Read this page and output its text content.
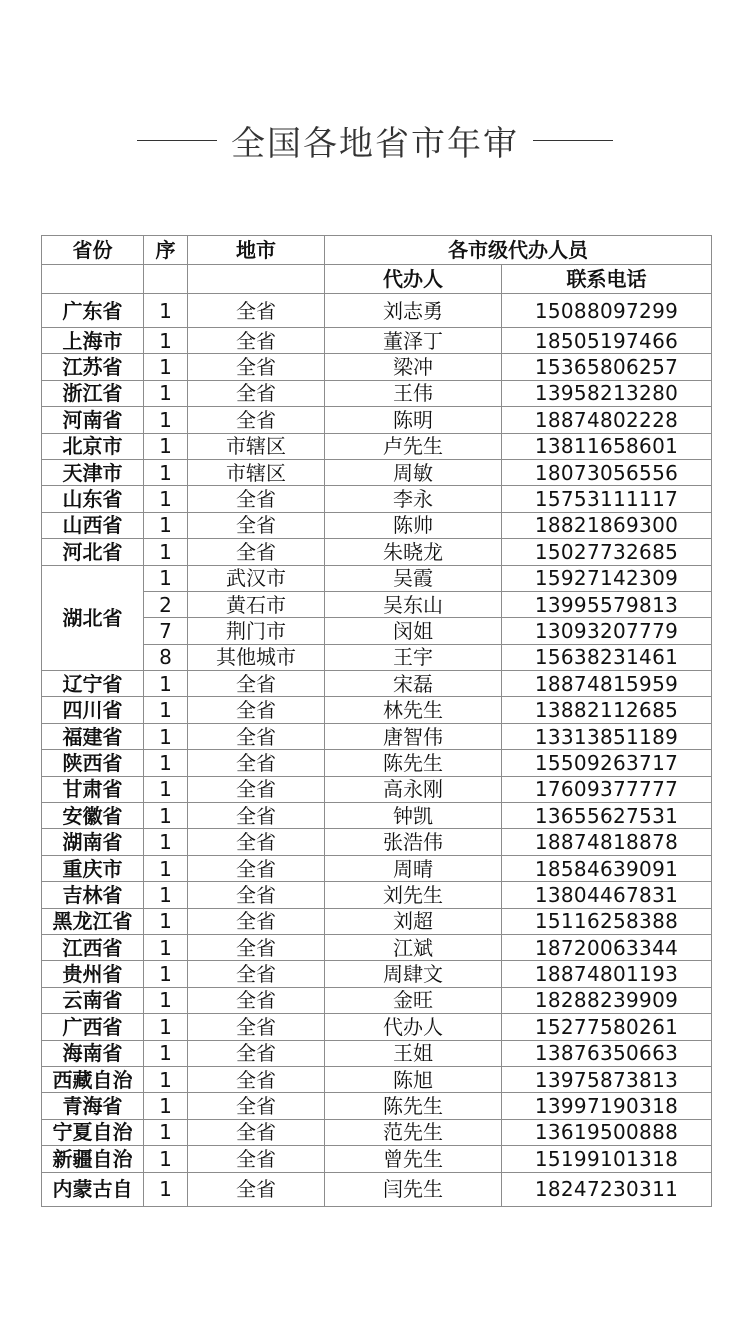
全国各地省市年审
省份	序	地市	各市级代办人员	
			代办人	联系电话
广东省	1	全省	刘志勇	15088097299
上海市	1	全省	董泽丁	18505197466
江苏省	1	全省	梁冲	15365806257
浙江省	1	全省	王伟	13958213280
河南省	1	全省	陈明	18874802228
北京市	1	市辖区	卢先生	13811658601
天津市	1	市辖区	周敏	18073056556
山东省	1	全省	李永	15753111117
山西省	1	全省	陈帅	18821869300
河北省	1	全省	朱晓龙	15027732685
湖北省	1	武汉市	吴霞	15927142309
	2	黄石市	吴东山	13995579813
	7	荆门市	闵姐	13093207779
	8	其他城市	王宇	15638231461
辽宁省	1	全省	宋磊	18874815959
四川省	1	全省	林先生	13882112685
福建省	1	全省	唐智伟	13313851189
陕西省	1	全省	陈先生	15509263717
甘肃省	1	全省	高永刚	17609377777
安徽省	1	全省	钟凯	13655627531
湖南省	1	全省	张浩伟	18874818878
重庆市	1	全省	周晴	18584639091
吉林省	1	全省	刘先生	13804467831
黑龙江省	1	全省	刘超	15116258388
江西省	1	全省	江斌	18720063344
贵州省	1	全省	周肆文	18874801193
云南省	1	全省	金旺	18288239909
广西省	1	全省	代办人	15277580261
海南省	1	全省	王姐	13876350663
西藏自治	1	全省	陈旭	13975873813
青海省	1	全省	陈先生	13997190318
宁夏自治	1	全省	范先生	13619500888
新疆自治	1	全省	曾先生	15199101318
内蒙古自	1	全省	闫先生	18247230311
